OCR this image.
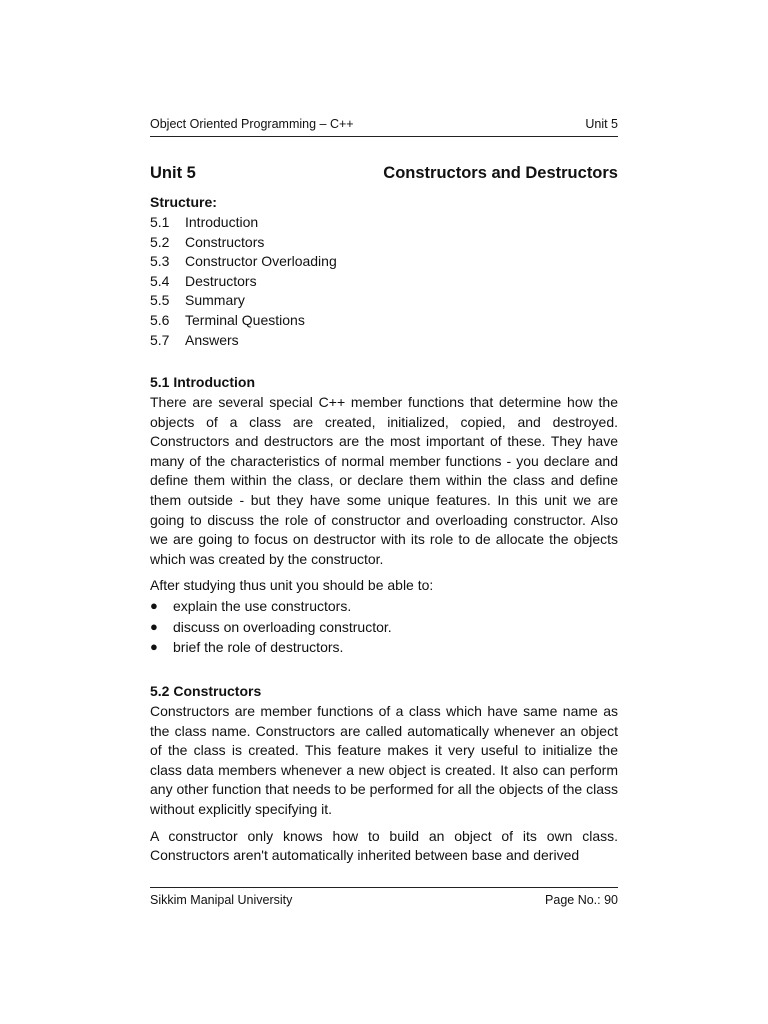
Object Oriented Programming – C++	Unit 5
Unit 5	Constructors and Destructors
Structure:
5.1	Introduction
5.2	Constructors
5.3	Constructor Overloading
5.4	Destructors
5.5	Summary
5.6	Terminal Questions
5.7	Answers
5.1 Introduction

There are several special C++ member functions that determine how the objects of a class are created, initialized, copied, and destroyed. Constructors and destructors are the most important of these. They have many of the characteristics of normal member functions - you declare and define them within the class, or declare them within the class and define them outside - but they have some unique features. In this unit we are going to discuss the role of constructor and overloading constructor. Also we are going to focus on destructor with its role to de allocate the objects which was created by the constructor.

After studying thus unit you should be able to:

●	explain the use constructors.
●	discuss on overloading constructor.
●	brief the role of destructors.
5.2 Constructors

Constructors are member functions of a class which have same name as the class name. Constructors are called automatically whenever an object of the class is created. This feature makes it very useful to initialize the class data members whenever a new object is created. It also can perform any other function that needs to be performed for all the objects of the class without explicitly specifying it.

A constructor only knows how to build an object of its own class. Constructors aren't automatically inherited between base and derived

Sikkim Manipal University	Page No.: 90
